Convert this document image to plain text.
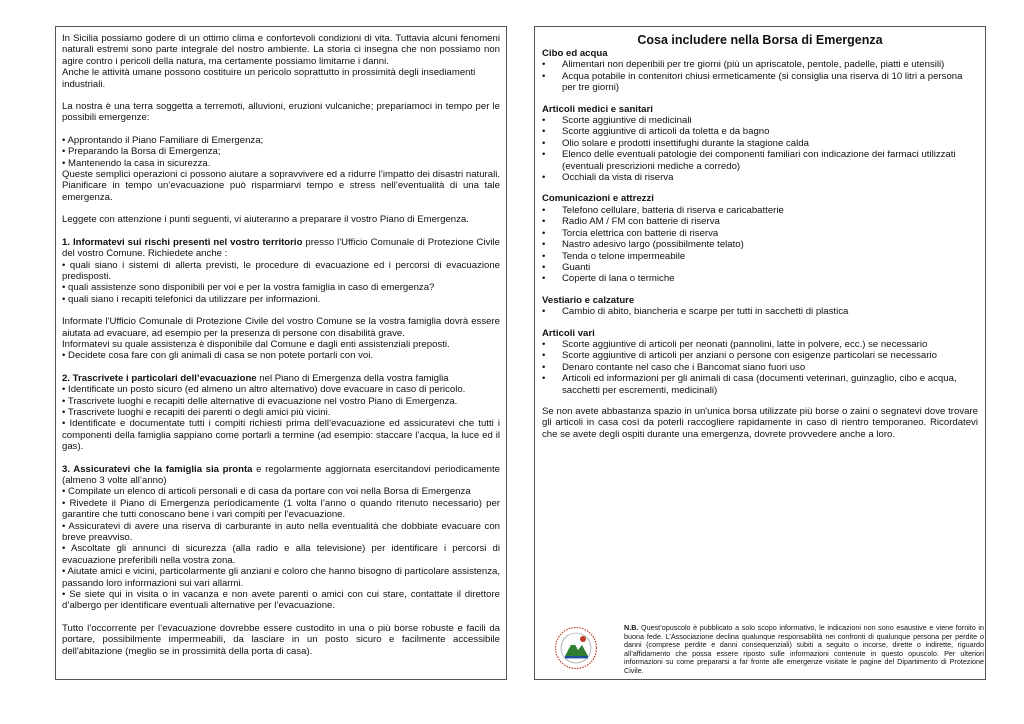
In Sicilia possiamo godere di un ottimo clima e confortevoli condizioni di vita. Tuttavia alcuni fenomeni naturali estremi sono parte integrale del nostro ambiente. La storia ci insegna che non possiamo non agire contro i pericoli della natura, ma certamente possiamo limitarne i danni.

Anche le attività umane possono costituire un pericolo soprattutto in prossimità degli insediamenti industriali.

La nostra è una terra soggetta a terremoti, alluvioni, eruzioni vulcaniche; prepariamoci in tempo per le possibili emergenze:

• Approntando il Piano Familiare di Emergenza;

• Preparando la Borsa di Emergenza;

• Mantenendo la casa in sicurezza.

Queste semplici operazioni ci possono aiutare a sopravvivere ed a ridurre l’impatto dei disastri naturali. Pianificare in tempo un’evacuazione può risparmiarvi tempo e stress nell’eventualità di una tale emergenza.

Leggete con attenzione i punti seguenti, vi aiuteranno a preparare il vostro Piano di Emergenza.

1. Informatevi sui rischi presenti nel vostro territorio presso l'Ufficio Comunale di Protezione Civile del vostro Comune. Richiedete anche :

• quali siano i sistemi di allerta previsti, le procedure di evacuazione ed i percorsi di evacuazione predisposti.

• quali assistenze sono disponibili per voi e per la vostra famiglia in caso di emergenza?

• quali siano i recapiti telefonici da utilizzare per informazioni.

Informate l'Ufficio Comunale di Protezione Civile del vostro Comune se la vostra famiglia dovrà essere aiutata ad evacuare, ad esempio per la presenza di persone con disabilità grave.

Informatevi su quale assistenza è disponibile dal Comune e dagli enti assistenziali preposti.

• Decidete cosa fare con gli animali di casa se non potete portarli con voi.

2. Trascrivete i particolari dell’evacuazione nel Piano di Emergenza della vostra famiglia

• Identificate un posto sicuro (ed almeno un altro alternativo) dove evacuare in caso di pericolo.

• Trascrivete luoghi e recapiti delle alternative di evacuazione nel vostro Piano di Emergenza.

• Trascrivete luoghi e recapiti dei parenti o degli amici più vicini.

• Identificate e documentate tutti i compiti richiesti prima dell’evacuazione ed assicuratevi che tutti i componenti della famiglia sappiano come portarli a termine (ad esempio: staccare l’acqua, la luce ed il gas).

3. Assicuratevi che la famiglia sia pronta e regolarmente aggiornata esercitandovi periodicamente (almeno 3 volte all’anno)

• Compilate un elenco di articoli personali e di casa da portare con voi nella Borsa di Emergenza

• Rivedete il Piano di Emergenza periodicamente (1 volta l’anno o quando ritenuto necessario) per garantire che tutti conoscano bene i vari compiti per l’evacuazione.

• Assicuratevi di avere una riserva di carburante in auto nella eventualità che dobbiate evacuare con breve preavviso.

• Ascoltate gli annunci di sicurezza (alla radio e alla televisione) per identificare i percorsi di evacuazione preferibili nella vostra zona.

• Aiutate amici e vicini, particolarmente gli anziani e coloro che hanno bisogno di particolare assistenza, passando loro informazioni sui vari allarmi.

• Se siete qui in visita o in vacanza e non avete parenti o amici con cui stare, contattate il direttore d’albergo per identificare eventuali alternative per l’evacuazione.

Tutto l’occorrente per l’evacuazione dovrebbe essere custodito in una o più borse robuste e facili da portare, possibilmente impermeabili, da lasciare in un posto sicuro e facilmente accessibile dell'abitazione (meglio se in prossimità della porta di casa).

Cosa includere nella Borsa di Emergenza
Cibo ed acqua
•	Alimentari non deperibili per tre giorni (più un apriscatole, pentole, padelle, piatti e utensili)
•	Acqua potabile in contenitori chiusi ermeticamente (si consiglia una riserva di 10 litri a persona per tre giorni)
Articoli medici e sanitari
•	Scorte aggiuntive di medicinali
•	Scorte aggiuntive di articoli da toletta e da bagno
•	Olio solare e prodotti insettifughi durante la stagione calda
•	Elenco delle eventuali patologie dei componenti familiari con indicazione dei farmaci utilizzati (eventuali prescrizioni mediche a corredo)
•	Occhiali da vista di riserva
Comunicazioni e attrezzi
•	Telefono cellulare, batteria di riserva e caricabatterie
•	Radio AM / FM con batterie di riserva
•	Torcia elettrica con batterie di riserva
•	Nastro adesivo largo (possibilmente telato)
•	Tenda o telone impermeabile
•	Guanti
•	Coperte di lana o termiche
Vestiario e calzature
•	Cambio di abito, biancheria e scarpe per tutti in sacchetti di plastica
Articoli vari
•	Scorte aggiuntive di articoli per neonati (pannolini, latte in polvere, ecc.) se necessario
•	Scorte aggiuntive di articoli per anziani o persone con esigenze particolari se necessario
•	Denaro contante nel caso che i Bancomat siano fuori uso
•	Articoli ed informazioni per gli animali di casa (documenti veterinari, guinzaglio, cibo e acqua, sacchetti per escrementi, medicinali)

Se non avete abbastanza spazio in un'unica borsa utilizzate più borse o zaini o segnatevi dove trovare gli articoli in casa così da poterli raccogliere rapidamente in caso di rientro temporaneo. Ricordatevi che se avete degli ospiti durante una emergenza, dovrete provvedere anche a loro.

N.B. Quest’opuscolo è pubblicato a solo scopo informativo, le indicazioni non sono esaustive e viene fornito in buona fede. L’Associazione declina qualunque responsabilità nei confronti di qualunque persona per perdite o danni (comprese perdite e danni consequenziali) subiti a seguito o incorse, dirette o indirette, riguardo all’affidamento che possa essere riposto sulle informazioni contenute in questo opuscolo. Per ulteriori informazioni su come prepararsi a far fronte alle emergenze visitate le pagine del Dipartimento di Protezione Civile.
